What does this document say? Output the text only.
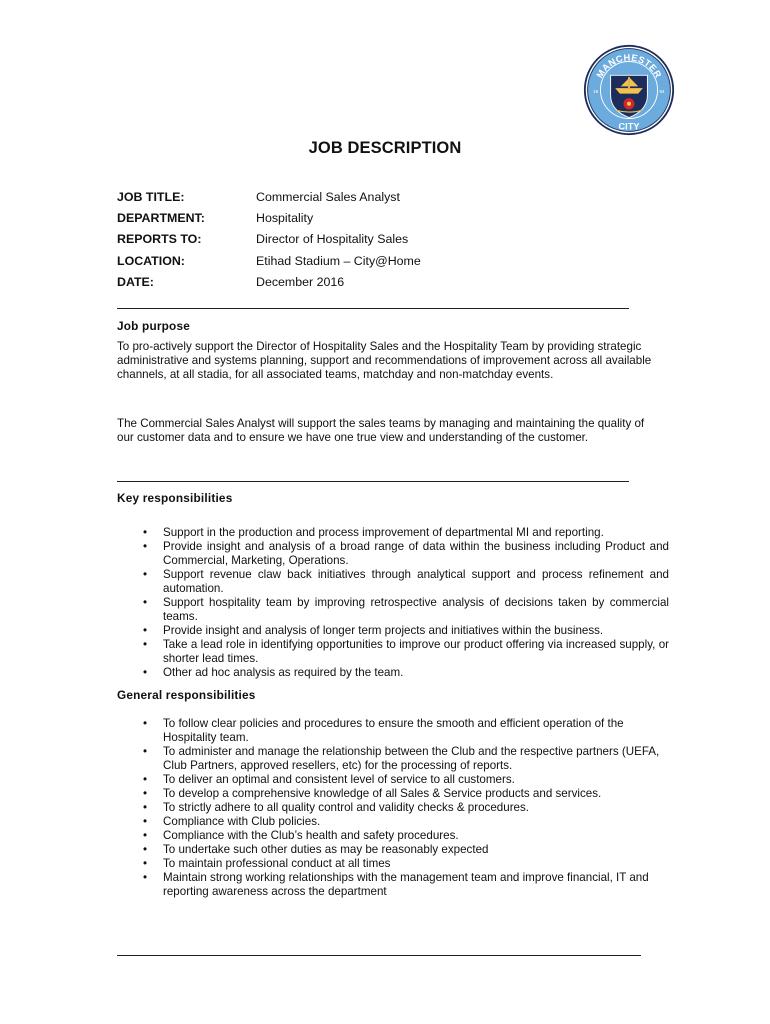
MANCHESTER
CITY
18	94
JOB DESCRIPTION
JOB TITLE:	Commercial Sales Analyst
DEPARTMENT:	Hospitality
REPORTS TO:	Director of Hospitality Sales
LOCATION:	Etihad Stadium – City@Home
DATE:	December 2016
Job purpose
To pro-actively support the Director of Hospitality Sales and the Hospitality Team by providing strategic administrative and systems planning, support and recommendations of improvement across all available channels, at all stadia, for all associated teams, matchday and non-matchday events.
The Commercial Sales Analyst will support the sales teams by managing and maintaining the quality of our customer data and to ensure we have one true view and understanding of the customer.
Key responsibilities
• Support in the production and process improvement of departmental MI and reporting.
• Provide insight and analysis of a broad range of data within the business including Product and Commercial, Marketing, Operations.
• Support revenue claw back initiatives through analytical support and process refinement and automation.
• Support hospitality team by improving retrospective analysis of decisions taken by commercial teams.
• Provide insight and analysis of longer term projects and initiatives within the business.
• Take a lead role in identifying opportunities to improve our product offering via increased supply, or shorter lead times.
• Other ad hoc analysis as required by the team.
General responsibilities
• To follow clear policies and procedures to ensure the smooth and efficient operation of the Hospitality team.
• To administer and manage the relationship between the Club and the respective partners (UEFA, Club Partners, approved resellers, etc) for the processing of reports.
• To deliver an optimal and consistent level of service to all customers.
• To develop a comprehensive knowledge of all Sales & Service products and services.
• To strictly adhere to all quality control and validity checks & procedures.
• Compliance with Club policies.
• Compliance with the Club’s health and safety procedures.
• To undertake such other duties as may be reasonably expected
• To maintain professional conduct at all times
• Maintain strong working relationships with the management team and improve financial, IT and reporting awareness across the department
